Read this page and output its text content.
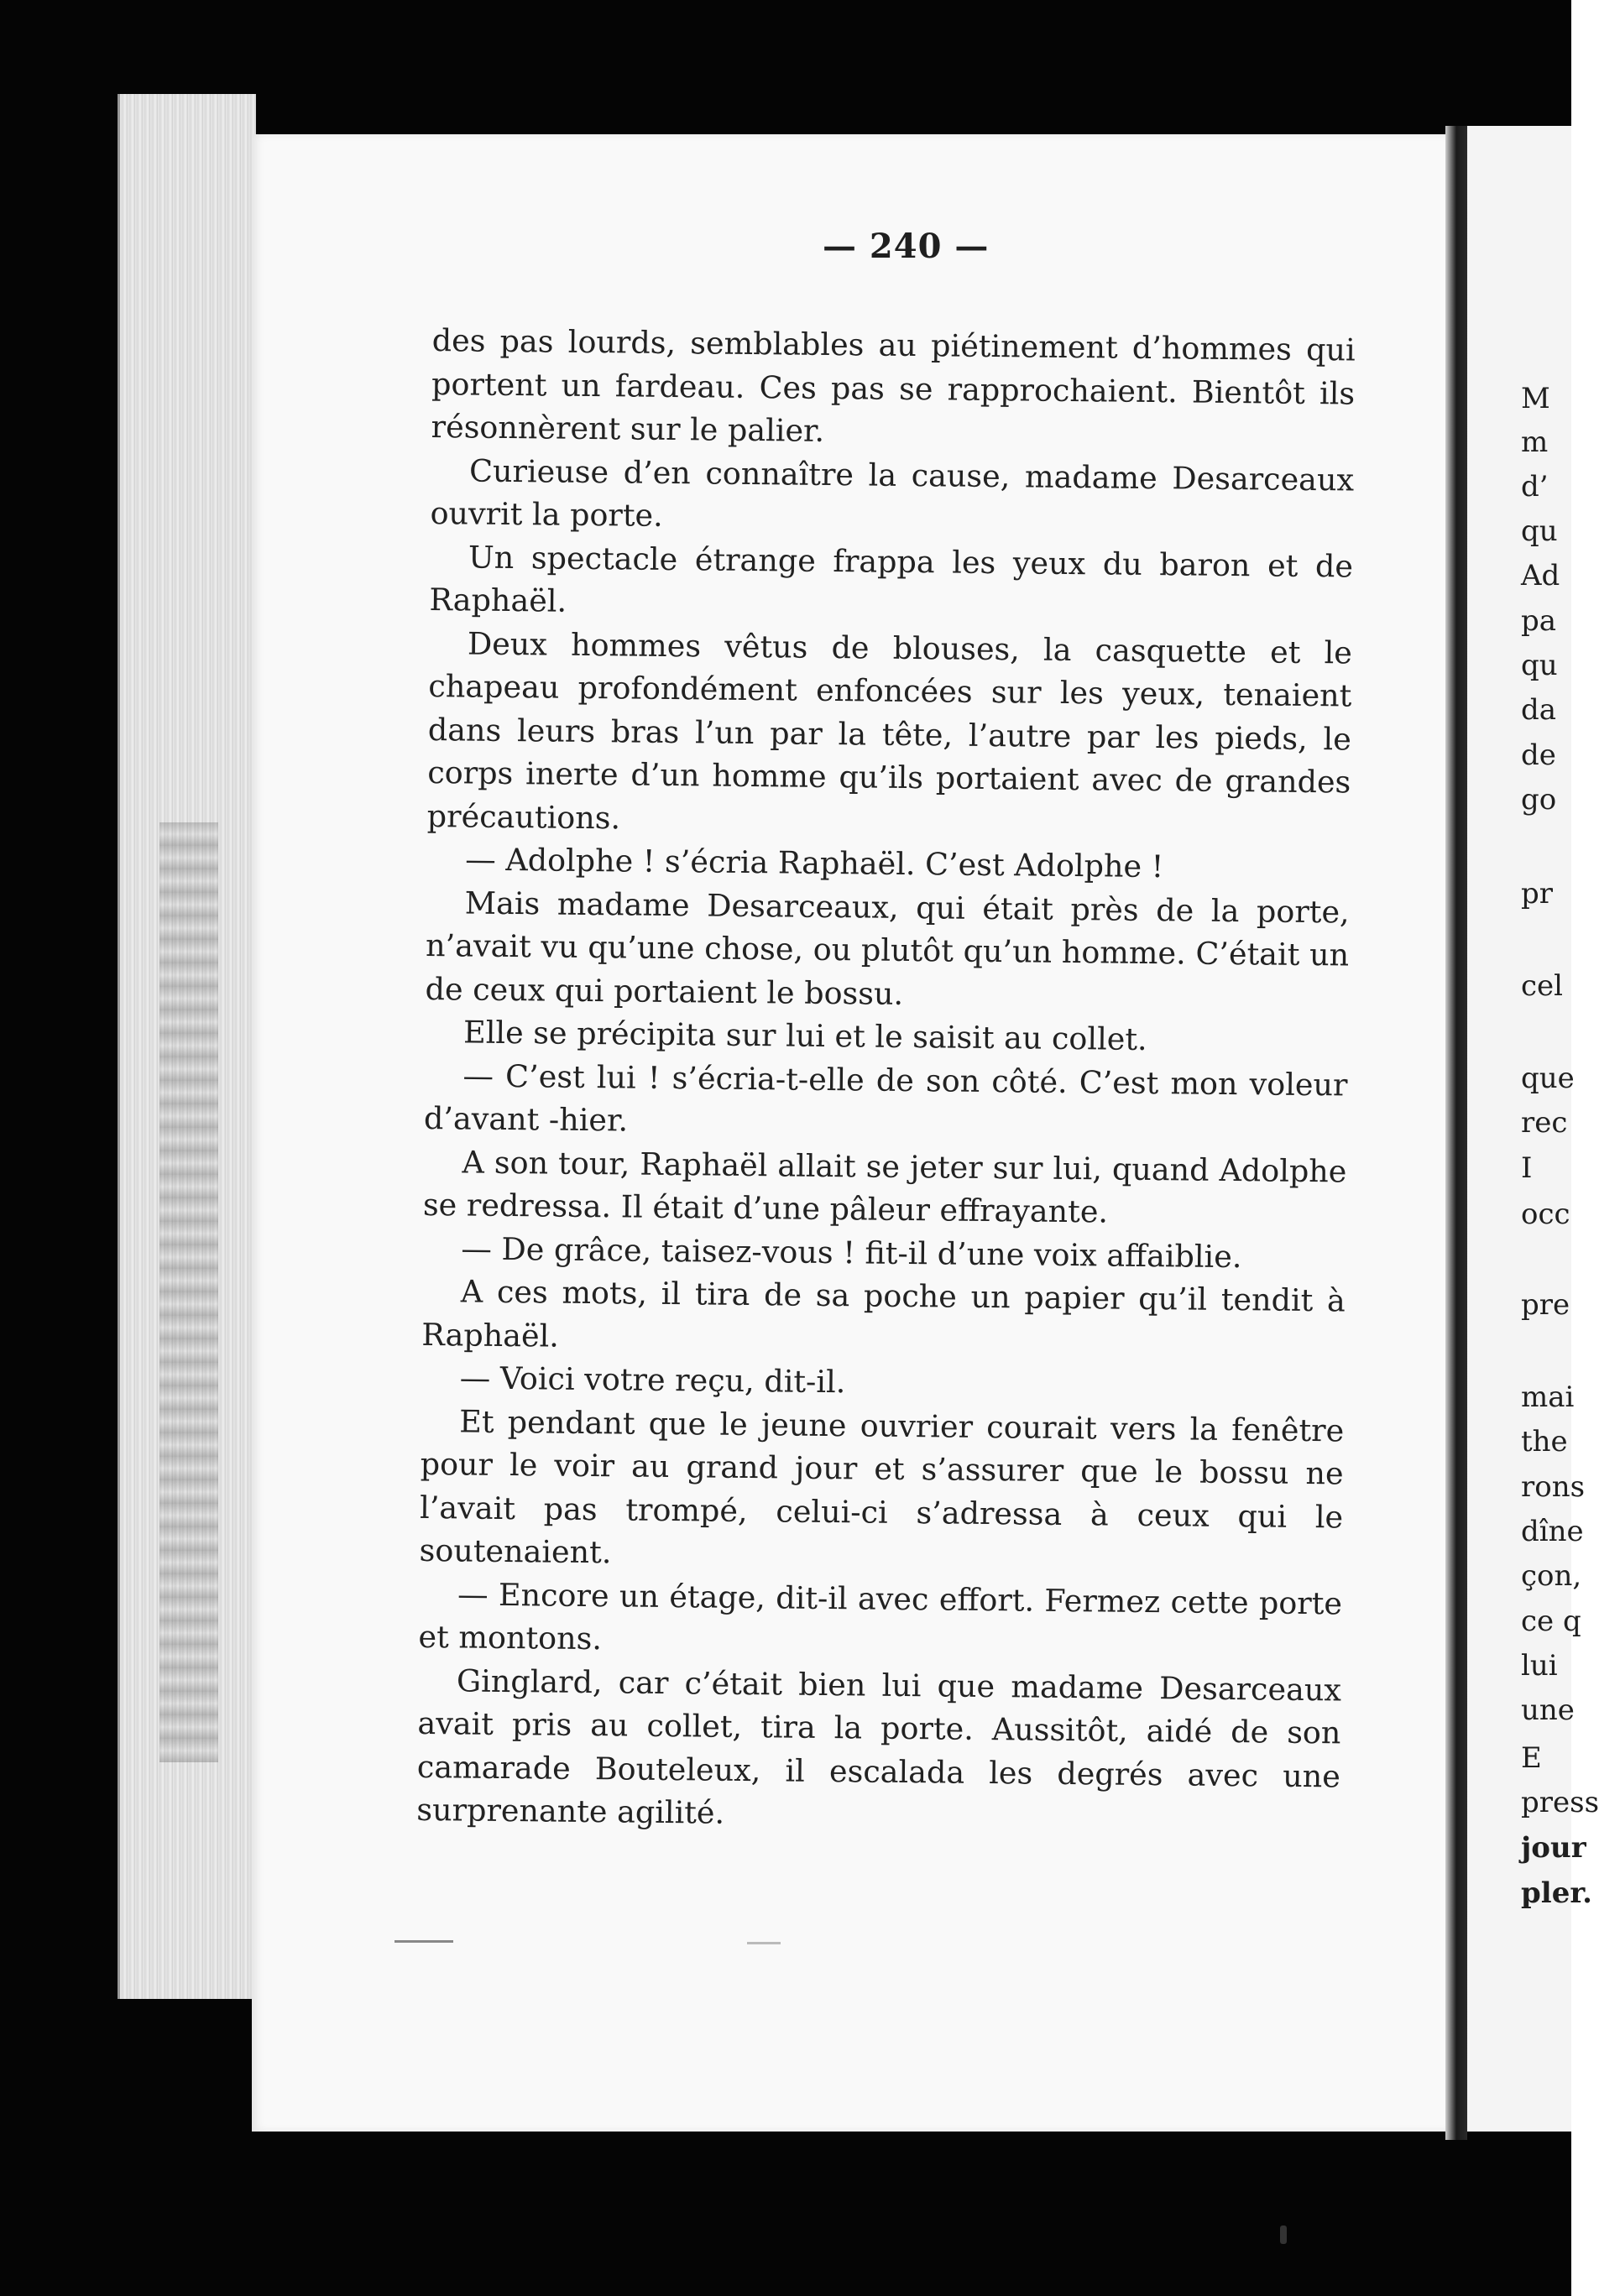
— 240 —

des pas lourds, semblables au piétinement d’hommes qui portent un fardeau. Ces pas se rapprochaient. Bientôt ils résonnèrent sur le palier.

Curieuse d’en connaître la cause, madame Desarceaux ouvrit la porte.

Un spectacle étrange frappa les yeux du baron et de Raphaël.

Deux hommes vêtus de blouses, la casquette et le chapeau profondément enfoncées sur les yeux, tenaient dans leurs bras l’un par la tête, l’autre par les pieds, le corps inerte d’un homme qu’ils portaient avec de grandes précautions.

— Adolphe ! s’écria Raphaël. C’est Adolphe !

Mais madame Desarceaux, qui était près de la porte, n’avait vu qu’une chose, ou plutôt qu’un homme. C’était un de ceux qui portaient le bossu.

Elle se précipita sur lui et le saisit au collet.

— C’est lui ! s’écria-t-elle de son côté. C’est mon voleur d’avant -hier.

A son tour, Raphaël allait se jeter sur lui, quand Adolphe se redressa. Il était d’une pâleur effrayante.

— De grâce, taisez-vous ! fit-il d’une voix affaiblie.

A ces mots, il tira de sa poche un papier qu’il tendit à Raphaël.

— Voici votre reçu, dit-il.

Et pendant que le jeune ouvrier courait vers la fenêtre pour le voir au grand jour et s’assurer que le bossu ne l’avait pas trompé, celui-ci s’adressa à ceux qui le soutenaient.

— Encore un étage, dit-il avec effort. Fermez cette porte et montons.

Ginglard, car c’était bien lui que madame Desarceaux avait pris au collet, tira la porte. Aussitôt, aidé de son camarade Bouteleux, il escalada les degrés avec une surprenante agilité.

M
m
d’
qu
Ad
pa
qu
da
de
go
pr
cel
que
rec
I
occ
pre
mai
the
rons
dîne
çon,
ce q
lui
une
E
press
jour
pler.
